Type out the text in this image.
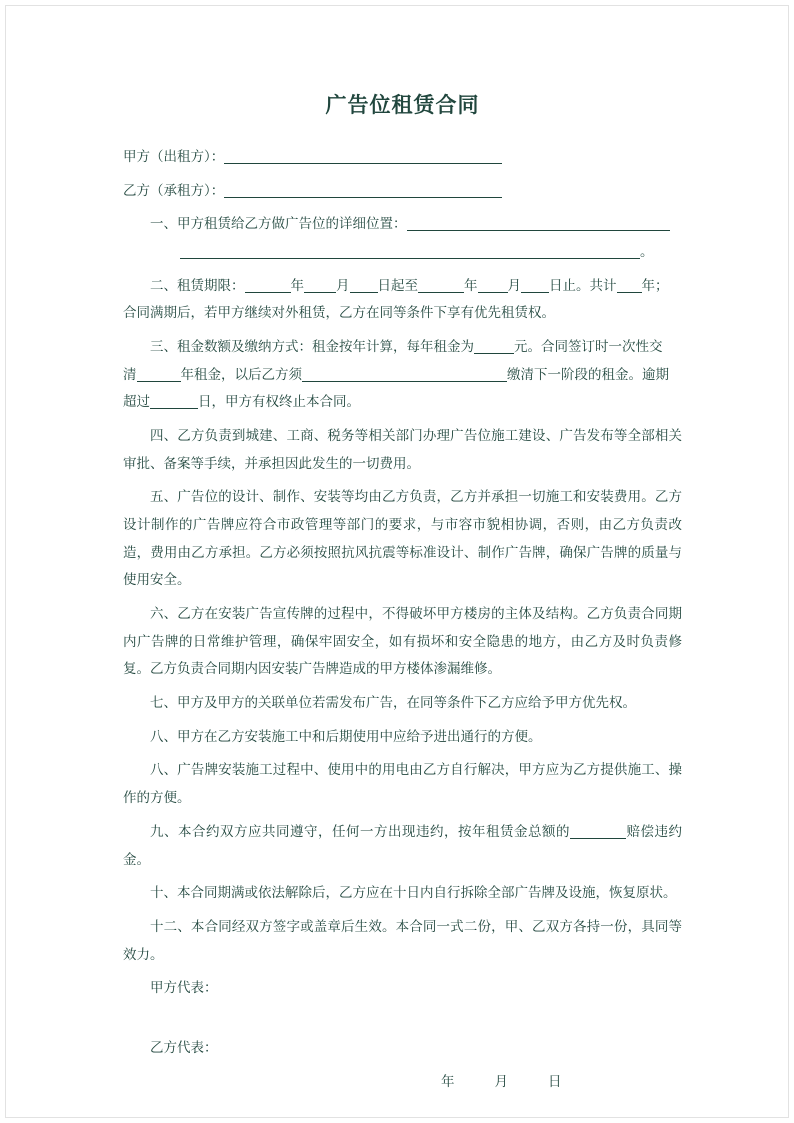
广告位租赁合同

甲方（出租方）：

乙方（承租方）：

一、甲方租赁给乙方做广告位的详细位置：
。

二、租赁期限：	年 月 日起至	年 月 日止。共计 年；
合同满期后，若甲方继续对外租赁，乙方在同等条件下享有优先租赁权。

三、租金数额及缴纳方式：租金按年计算，每年租金为	元。合同签订时一次性交
清	年租金，以后乙方须	缴清下一阶段的租金。逾期
超过	日，甲方有权终止本合同。

四、乙方负责到城建、工商、税务等相关部门办理广告位施工建设、广告发布等全部相关审批、备案等手续，并承担因此发生的一切费用。

五、广告位的设计、制作、安装等均由乙方负责，乙方并承担一切施工和安装费用。乙方设计制作的广告牌应符合市政管理等部门的要求，与市容市貌相协调，否则，由乙方负责改造，费用由乙方承担。乙方必须按照抗风抗震等标准设计、制作广告牌，确保广告牌的质量与使用安全。

六、乙方在安装广告宣传牌的过程中，不得破坏甲方楼房的主体及结构。乙方负责合同期内广告牌的日常维护管理，确保牢固安全，如有损坏和安全隐患的地方，由乙方及时负责修复。乙方负责合同期内因安装广告牌造成的甲方楼体渗漏维修。

七、甲方及甲方的关联单位若需发布广告，在同等条件下乙方应给予甲方优先权。

八、甲方在乙方安装施工中和后期使用中应给予进出通行的方便。

八、广告牌安装施工过程中、使用中的用电由乙方自行解决，甲方应为乙方提供施工、操作的方便。

九、本合约双方应共同遵守，任何一方出现违约，按年租赁金总额的	赔偿违约金。

十、本合同期满或依法解除后，乙方应在十日内自行拆除全部广告牌及设施，恢复原状。

十二、本合同经双方签字或盖章后生效。本合同一式二份，甲、乙双方各持一份，具同等效力。

甲方代表：

乙方代表：

年	月	日
